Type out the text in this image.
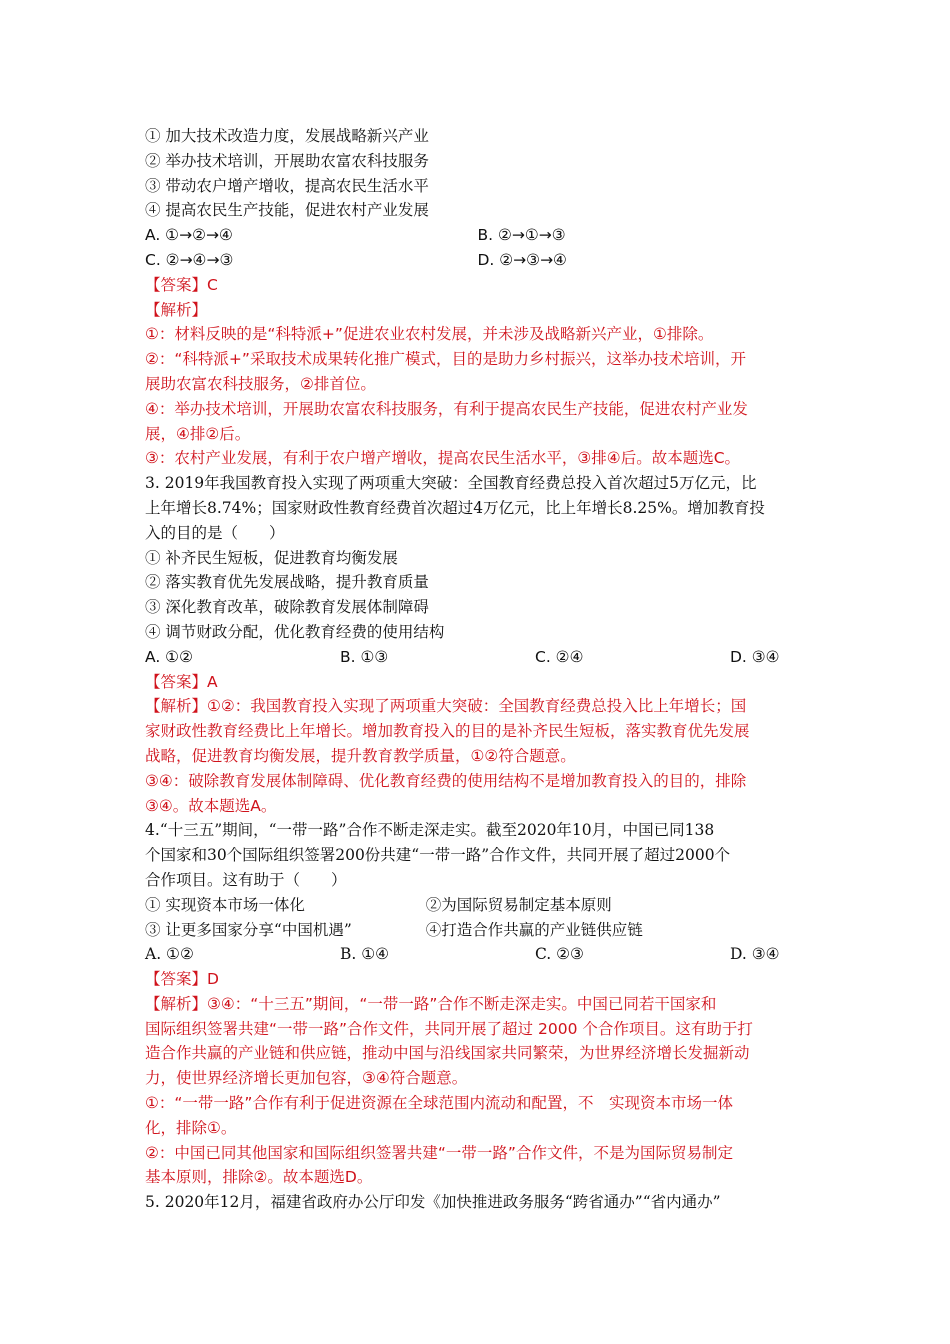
① 加大技术改造力度，发展战略新兴产业
② 举办技术培训，开展助农富农科技服务
③ 带动农户增产增收，提高农民生活水平
④ 提高农民生产技能，促进农村产业发展
A. ①→②→④	B. ②→①→③
C. ②→④→③	D. ②→③→④
【答案】C
【解析】
①：材料反映的是“科特派+”促进农业农村发展，并未涉及战略新兴产业，①排除。
②：“科特派+”采取技术成果转化推广模式，目的是助力乡村振兴，这举办技术培训，开
展助农富农科技服务，②排首位。
④：举办技术培训，开展助农富农科技服务，有利于提高农民生产技能，促进农村产业发
展，④排②后。
③：农村产业发展，有利于农户增产增收，提高农民生活水平，③排④后。故本题选C。
3. 2019年我国教育投入实现了两项重大突破：全国教育经费总投入首次超过5万亿元，比
上年增长8.74%；国家财政性教育经费首次超过4万亿元，比上年增长8.25%。增加教育投
入的目的是（　　）
① 补齐民生短板，促进教育均衡发展
② 落实教育优先发展战略，提升教育质量
③ 深化教育改革，破除教育发展体制障碍
④ 调节财政分配，优化教育经费的使用结构
A. ①②	B. ①③	C. ②④	D. ③④
【答案】A
【解析】①②：我国教育投入实现了两项重大突破：全国教育经费总投入比上年增长；国
家财政性教育经费比上年增长。增加教育投入的目的是补齐民生短板，落实教育优先发展
战略，促进教育均衡发展，提升教育教学质量，①②符合题意。
③④：破除教育发展体制障碍、优化教育经费的使用结构不是增加教育投入的目的，排除
③④。故本题选A。
4.“十三五”期间，“一带一路”合作不断走深走实。截至2020年10月，中国已同138
个国家和30个国际组织签署200份共建“一带一路”合作文件，共同开展了超过2000个
合作项目。这有助于（　　）
① 实现资本市场一体化	②为国际贸易制定基本原则
③ 让更多国家分享“中国机遇”	④打造合作共赢的产业链供应链
A. ①②	B. ①④	C. ②③	D. ③④
【答案】D
【解析】③④：“十三五”期间，“一带一路”合作不断走深走实。中国已同若干国家和
国际组织签署共建“一带一路”合作文件，共同开展了超过 2000 个合作项目。这有助于打
造合作共赢的产业链和供应链，推动中国与沿线国家共同繁荣，为世界经济增长发掘新动
力，使世界经济增长更加包容，③④符合题意。
①：“一带一路”合作有利于促进资源在全球范围内流动和配置，不　实现资本市场一体
化，排除①。
②：中国已同其他国家和国际组织签署共建“一带一路”合作文件，不是为国际贸易制定
基本原则，排除②。故本题选D。
5. 2020年12月，福建省政府办公厅印发《加快推进政务服务“跨省通办”“省内通办”
